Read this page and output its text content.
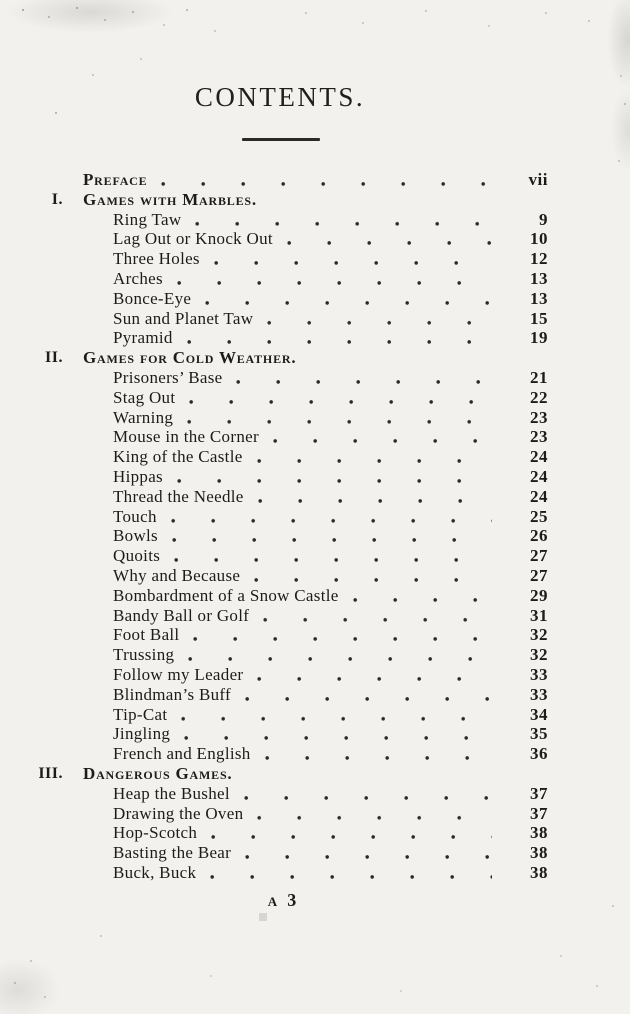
CONTENTS.
Preface	vii
I.	Games with Marbles.
Ring Taw	9
Lag Out or Knock Out	10
Three Holes	12
Arches	13
Bonce-Eye	13
Sun and Planet Taw	15
Pyramid	19
II.	Games for Cold Weather.
Prisoners’ Base	21
Stag Out	22
Warning	23
Mouse in the Corner	23
King of the Castle	24
Hippas	24
Thread the Needle	24
Touch	25
Bowls	26
Quoits	27
Why and Because	27
Bombardment of a Snow Castle	29
Bandy Ball or Golf	31
Foot Ball	32
Trussing	32
Follow my Leader	33
Blindman’s Buff	33
Tip-Cat	34
Jingling	35
French and English	36
III.	Dangerous Games.
Heap the Bushel	37
Drawing the Oven	37
Hop-Scotch	38
Basting the Bear	38
Buck, Buck	38
A 3
